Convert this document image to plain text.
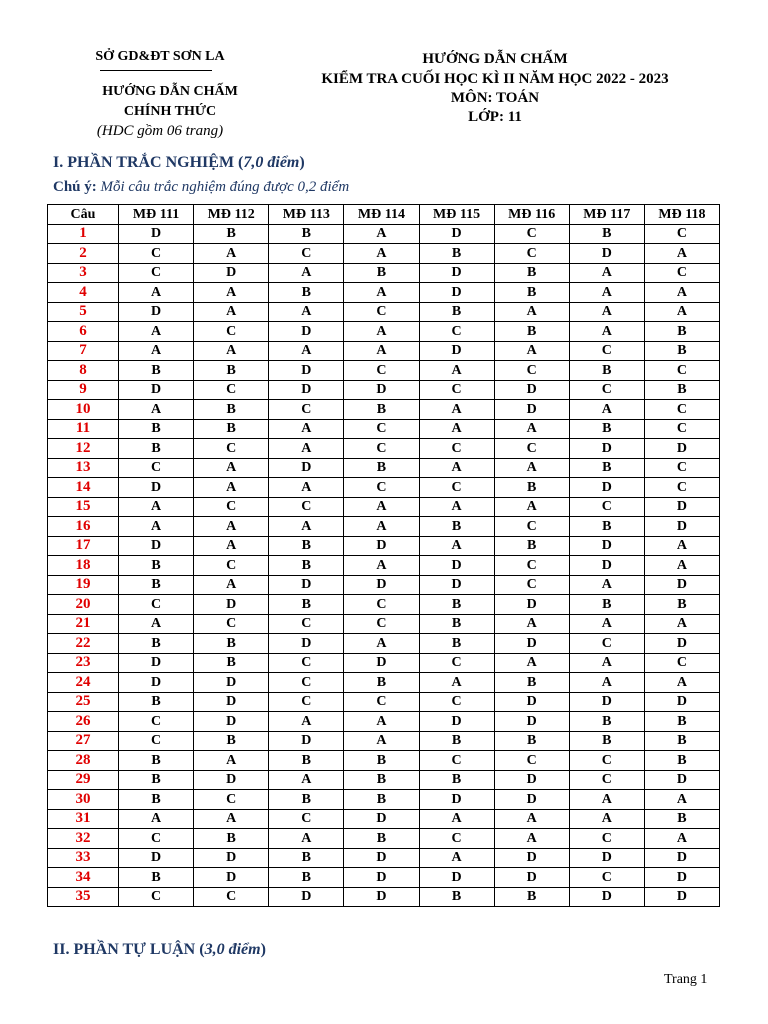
SỞ GD&ĐT SƠN LA
HƯỚNG DẪN CHẤM
CHÍNH THỨC
(HDC gồm 06 trang)
HƯỚNG DẪN CHẤM
KIỂM TRA CUỐI HỌC KÌ II NĂM HỌC 2022 - 2023
MÔN: TOÁN
LỚP: 11
I. PHẦN TRẮC NGHIỆM (7,0 điểm)
Chú ý: Mỗi câu trắc nghiệm đúng được 0,2 điểm
Câu	MĐ 111	MĐ 112	MĐ 113	MĐ 114	MĐ 115	MĐ 116	MĐ 117	MĐ 118
1	D	B	B	A	D	C	B	C
2	C	A	C	A	B	C	D	A
3	C	D	A	B	D	B	A	C
4	A	A	B	A	D	B	A	A
5	D	A	A	C	B	A	A	A
6	A	C	D	A	C	B	A	B
7	A	A	A	A	D	A	C	B
8	B	B	D	C	A	C	B	C
9	D	C	D	D	C	D	C	B
10	A	B	C	B	A	D	A	C
11	B	B	A	C	A	A	B	C
12	B	C	A	C	C	C	D	D
13	C	A	D	B	A	A	B	C
14	D	A	A	C	C	B	D	C
15	A	C	C	A	A	A	C	D
16	A	A	A	A	B	C	B	D
17	D	A	B	D	A	B	D	A
18	B	C	B	A	D	C	D	A
19	B	A	D	D	D	C	A	D
20	C	D	B	C	B	D	B	B
21	A	C	C	C	B	A	A	A
22	B	B	D	A	B	D	C	D
23	D	B	C	D	C	A	A	C
24	D	D	C	B	A	B	A	A
25	B	D	C	C	C	D	D	D
26	C	D	A	A	D	D	B	B
27	C	B	D	A	B	B	B	B
28	B	A	B	B	C	C	C	B
29	B	D	A	B	B	D	C	D
30	B	C	B	B	D	D	A	A
31	A	A	C	D	A	A	A	B
32	C	B	A	B	C	A	C	A
33	D	D	B	D	A	D	D	D
34	B	D	B	D	D	D	C	D
35	C	C	D	D	B	B	D	D
II. PHẦN TỰ LUẬN (3,0 điểm)
Trang 1
